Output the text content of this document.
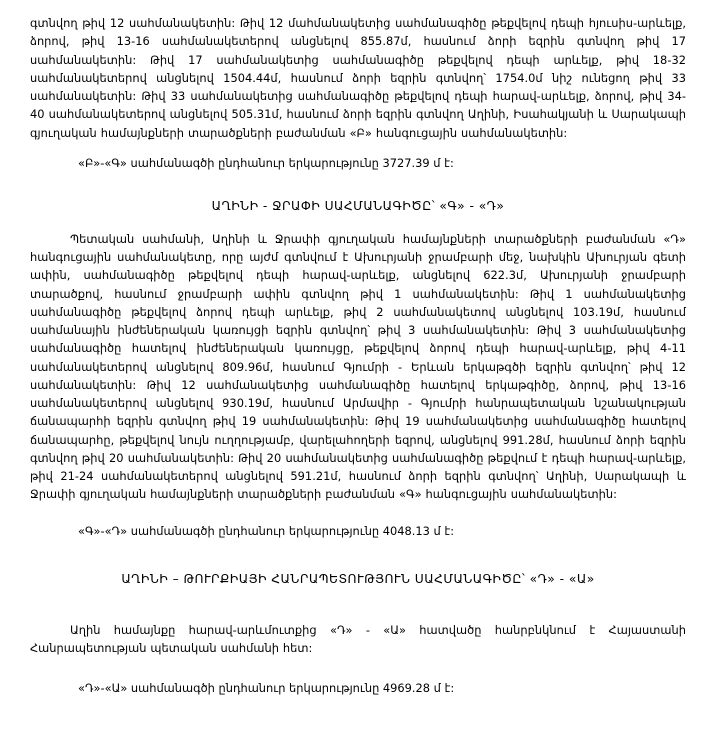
գտնվող թիվ 12 սահմանակետին: Թիվ 12 մահմանակետից սահմանագիծը թեքվելով դեպի հյուսիս-արևելք, ձորով, թիվ 13-16 սահմանակետերով անցնելով 855.87մ, հասնում ձորի եզրին գտնվող թիվ 17 սահմանակետին: Թիվ 17 սահմանակետից սահմանագիծը թեքվելով դեպի արևելք, թիվ 18-32 սահմանակետերով անցնելով 1504.44մ, հասնում ձորի եզրին գտնվող՝ 1754.0մ նիշ ունեցող թիվ 33 սահմանակետին: Թիվ 33 սահմանակետից սահմանագիծը թեքվելով դեպի հարավ-արևելք, ձորով, թիվ 34-40 սահմանակետերով անցնելով 505.31մ, հասնում ձորի եզրին գտնվող Աղինի, Իսահակյանի և Սարակապի գյուղական համայնքների տարածքների բաժանման «Բ» հանգուցային սահմանակետին:

«Բ»-«Գ» սահմանագծի ընդհանուր երկարությունը 3727.39 մ է:

ԱՂԻՆԻ - ՋՐԱՓԻ ՍԱՀՄԱՆԱԳԻԾԸ՝ «Գ» - «Դ»

Պետական սահմանի, Աղինի և Ջրափի գյուղական համայնքների տարածքների բաժանման «Դ» հանգուցային սահմանակետը, որը այժմ գտնվում է Ախուրյանի ջրամբարի մեջ, նախկին Ախուրյան գետի ափին, սահմանագիծը թեքվելով դեպի հարավ-արևելք, անցնելով 622.3մ, Ախուրյանի ջրամբարի տարածքով, հասնում ջրամբարի ափին գտնվող թիվ 1 սահմանակետին: Թիվ 1 սահմանակետից սահմանագիծը թեքվելով ձորով դեպի արևելք, թիվ 2 սահմանակետով անցնելով 103.19մ, հասնում սահմանային ինժեներական կառույցի եզրին գտնվող՝ թիվ 3 սահմանակետին: Թիվ 3 սահմանակետից սահմանագիծը հատելով ինժեներական կառույցը, թեքվելով ձորով դեպի հարավ-արևելք, թիվ 4-11 սահմանակետերով անցնելով 809.96մ, հասնում Գյումրի - Երևան երկաթգծի եզրին գտնվող՝ թիվ 12 սահմանակետին: Թիվ 12 սահմանակետից սահմանագիծը հատելով երկաթգիծը, ձորով, թիվ 13-16 սահմանակետերով անցնելով 930.19մ, հասնում Արմավիր - Գյումրի հանրապետական նշանակության ճանապարհի եզրին գտնվող թիվ 19 սահմանակետին: Թիվ 19 սահմանակետից սահմանագիծը հատելով ճանապարհը, թեքվելով նույն ուղղությամբ, վարելահողերի եզրով, անցնելով 991.28մ, հասնում ձորի եզրին գտնվող թիվ 20 սահմանակետին: Թիվ 20 սահմանակետից սահմանագիծը թեքվում է դեպի հարավ-արևելք, թիվ 21-24 սահմանակետերով անցնելով 591.21մ, հասնում ձորի եզրին գտնվող՝ Աղինի, Սարակապի և Ջրափի գյուղական համայնքների տարածքների բաժանման «Գ» հանգուցային սահմանակետին:

«Գ»-«Դ» սահմանագծի ընդհանուր երկարությունը 4048.13 մ է:

ԱՂԻՆԻ – ԹՈՒՐՔԻԱՅԻ ՀԱՆՐԱՊԵՏՈՒԹՅՈՒՆ ՍԱՀՄԱՆԱԳԻԾԸ՝ «Դ» - «Ա»

Աղին համայնքը հարավ-արևմուտքից «Դ» - «Ա» հատվածը հանրբնկնում է Հայաստանի Հանրապետության պետական սահմանի հետ:

«Դ»-«Ա» սահմանագծի ընդհանուր երկարությունը 4969.28 մ է:
